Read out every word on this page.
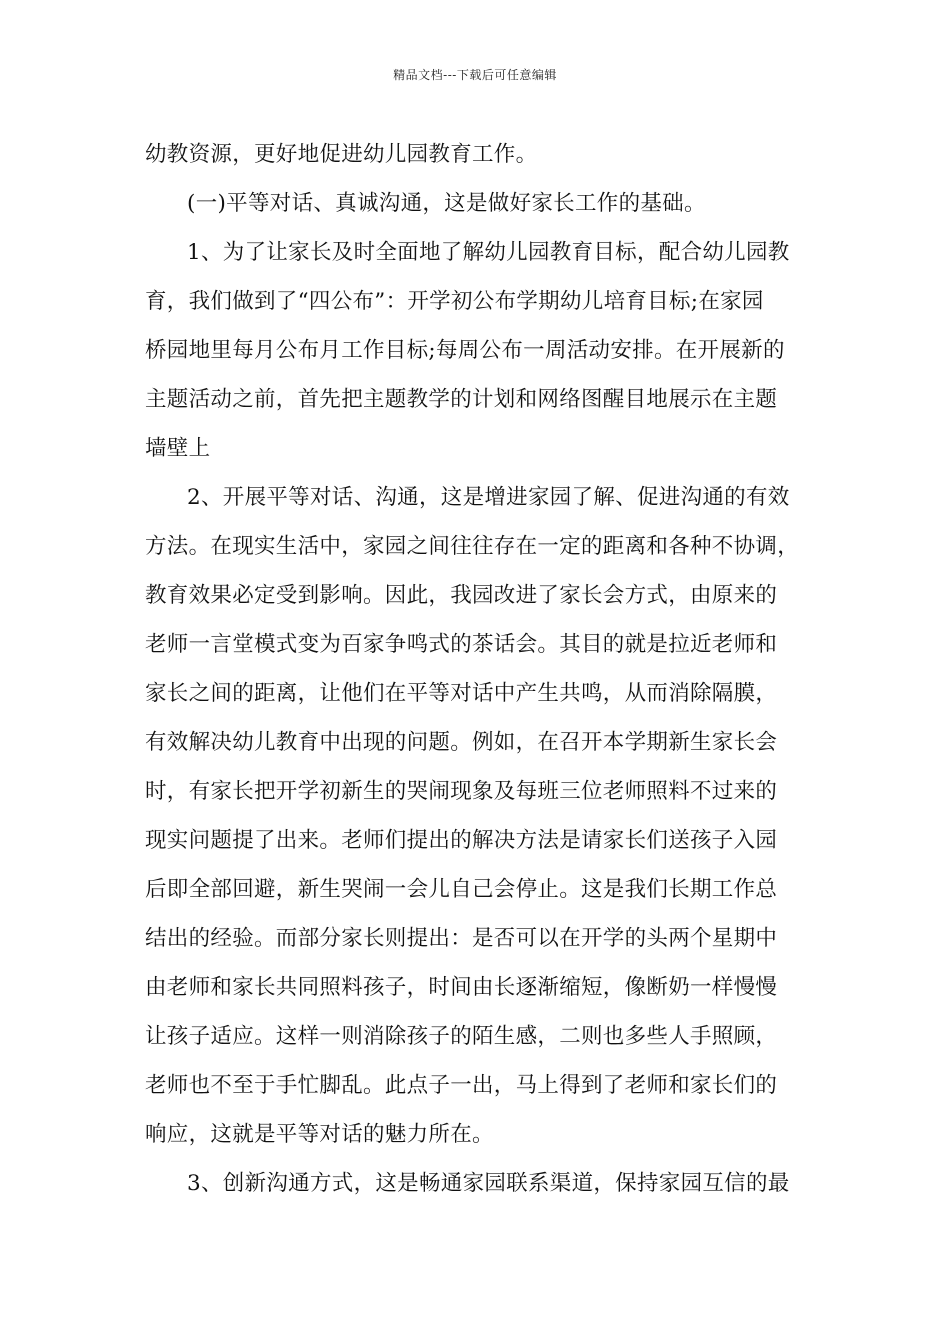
精品文档---下载后可任意编辑
幼教资源，更好地促进幼儿园教育工作。
(一)平等对话、真诚沟通，这是做好家长工作的基础。
1、为了让家长及时全面地了解幼儿园教育目标，配合幼儿园教
育，我们做到了“四公布”：开学初公布学期幼儿培育目标;在家园
桥园地里每月公布月工作目标;每周公布一周活动安排。在开展新的
主题活动之前，首先把主题教学的计划和网络图醒目地展示在主题
墙壁上
2、开展平等对话、沟通，这是增进家园了解、促进沟通的有效
方法。在现实生活中，家园之间往往存在一定的距离和各种不协调，
教育效果必定受到影响。因此，我园改进了家长会方式，由原来的
老师一言堂模式变为百家争鸣式的茶话会。其目的就是拉近老师和
家长之间的距离，让他们在平等对话中产生共鸣，从而消除隔膜，
有效解决幼儿教育中出现的问题。例如，在召开本学期新生家长会
时，有家长把开学初新生的哭闹现象及每班三位老师照料不过来的
现实问题提了出来。老师们提出的解决方法是请家长们送孩子入园
后即全部回避，新生哭闹一会儿自己会停止。这是我们长期工作总
结出的经验。而部分家长则提出：是否可以在开学的头两个星期中
由老师和家长共同照料孩子，时间由长逐渐缩短，像断奶一样慢慢
让孩子适应。这样一则消除孩子的陌生感，二则也多些人手照顾，
老师也不至于手忙脚乱。此点子一出，马上得到了老师和家长们的
响应，这就是平等对话的魅力所在。
3、创新沟通方式，这是畅通家园联系渠道，保持家园互信的最
